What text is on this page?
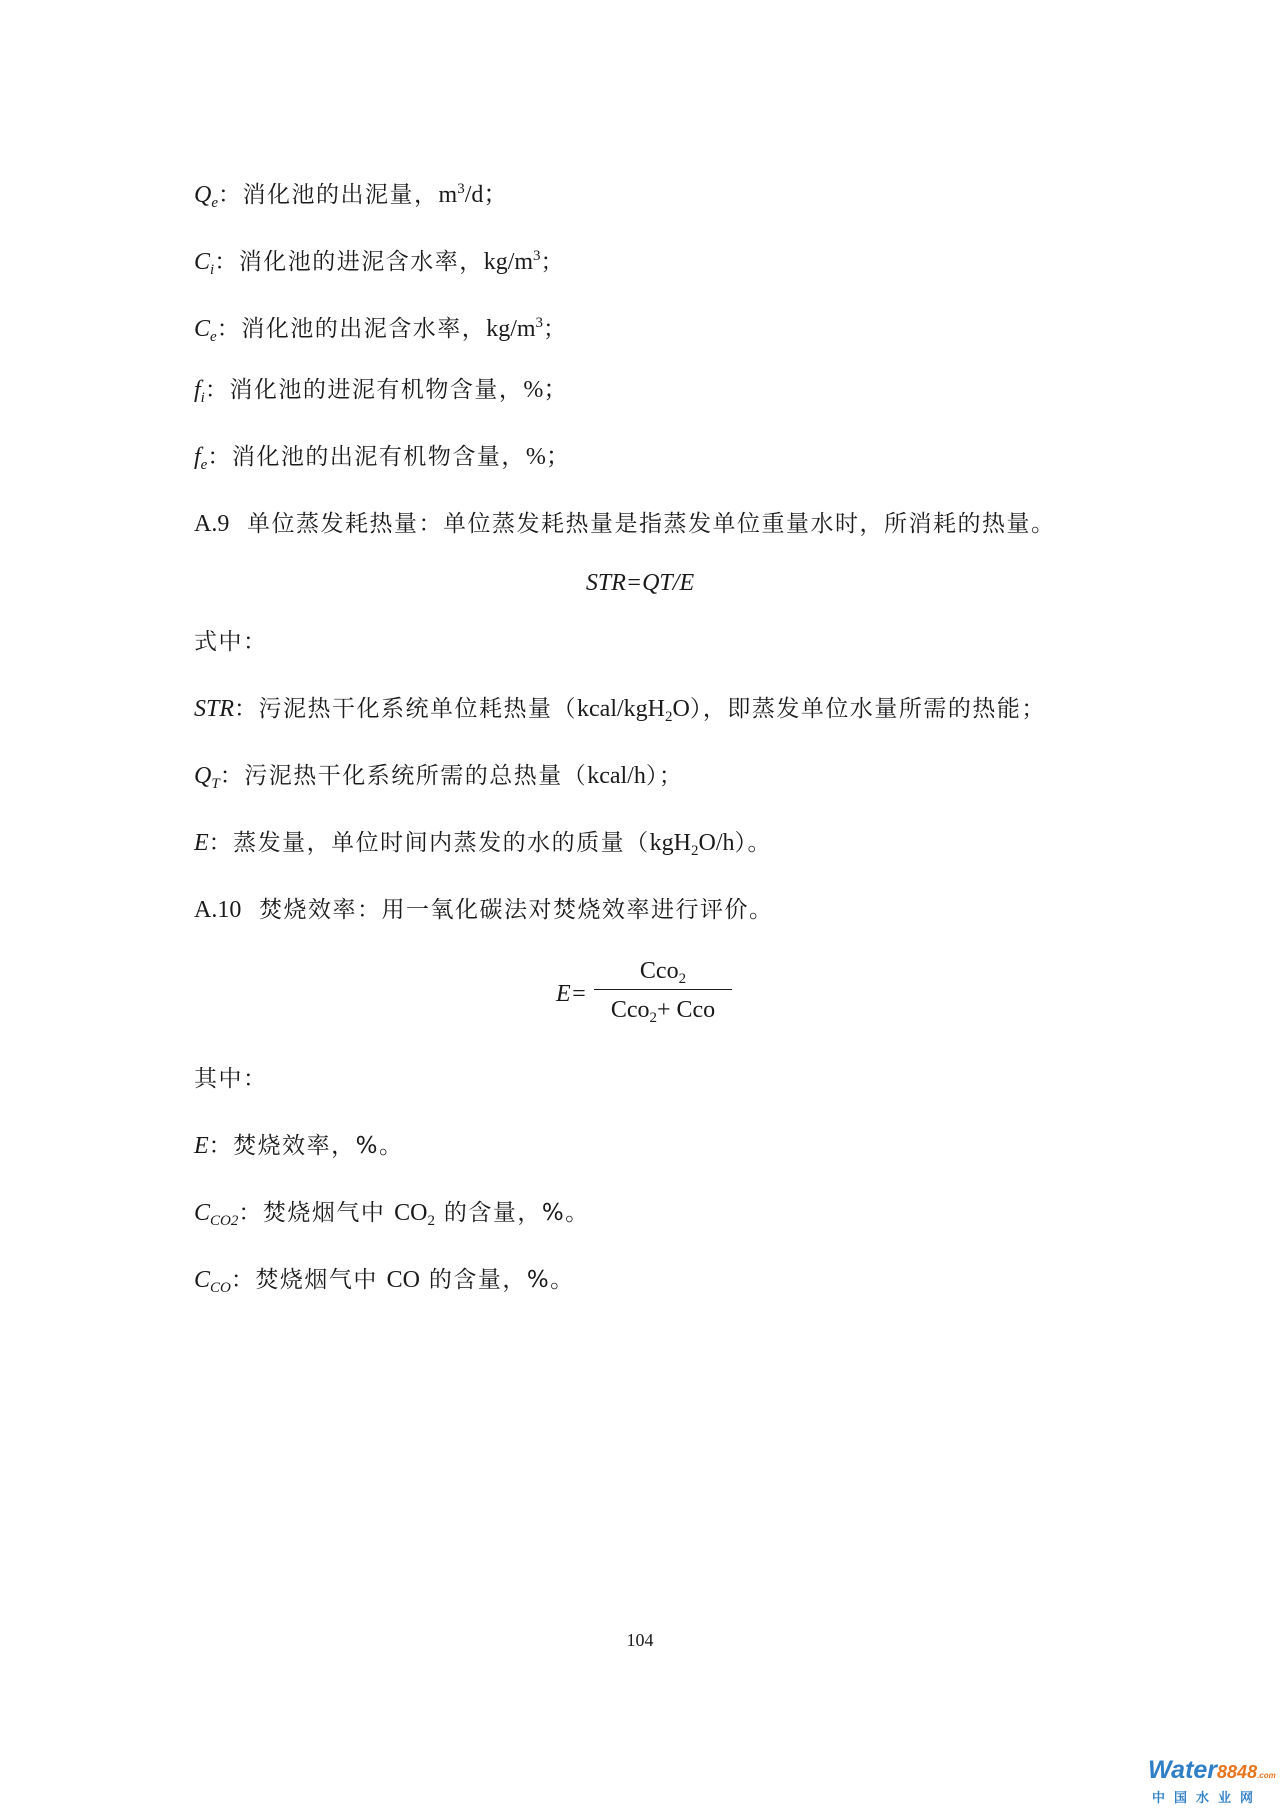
$Q_e$：消化池的出泥量，$m^3/d$；
$C_i$：消化池的进泥含水率，$kg/m^3$；
$C_e$：消化池的出泥含水率，$kg/m^3$；
$f_i$：消化池的进泥有机物含量，%；
$f_e$：消化池的出泥有机物含量，%；
A.9 单位蒸发耗热量：单位蒸发耗热量是指蒸发单位重量水时，所消耗的热量。
STR=QT/E
式中：
STR：污泥热干化系统单位耗热量（kcal/kgH$_2$O），即蒸发单位水量所需的热能；
$Q_T$：污泥热干化系统所需的总热量（kcal/h）；
E：蒸发量，单位时间内蒸发的水的质量（kgH$_2$O/h）。
A.10 焚烧效率：用一氧化碳法对焚烧效率进行评价。
E=
Cco$_2$
Cco$_2$+ Cco
其中：
E：焚烧效率，%。
$C_{CO2}$：焚烧烟气中 $CO_2$ 的含量，%。
$C_{CO}$：焚烧烟气中 CO 的含量，%。
104
Water8848.com
中国水业网
